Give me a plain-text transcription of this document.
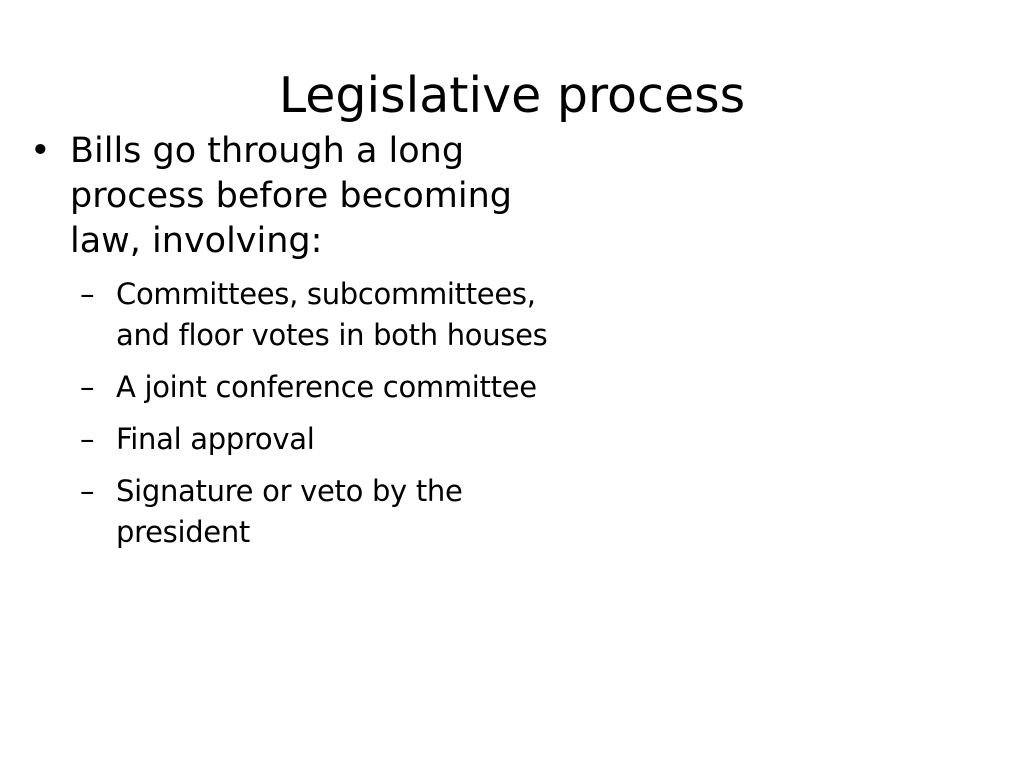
Legislative process
• Bills go through a long process before becoming law, involving:
– Committees, subcommittees, and floor votes in both houses
– A joint conference committee
– Final approval
– Signature or veto by the president
